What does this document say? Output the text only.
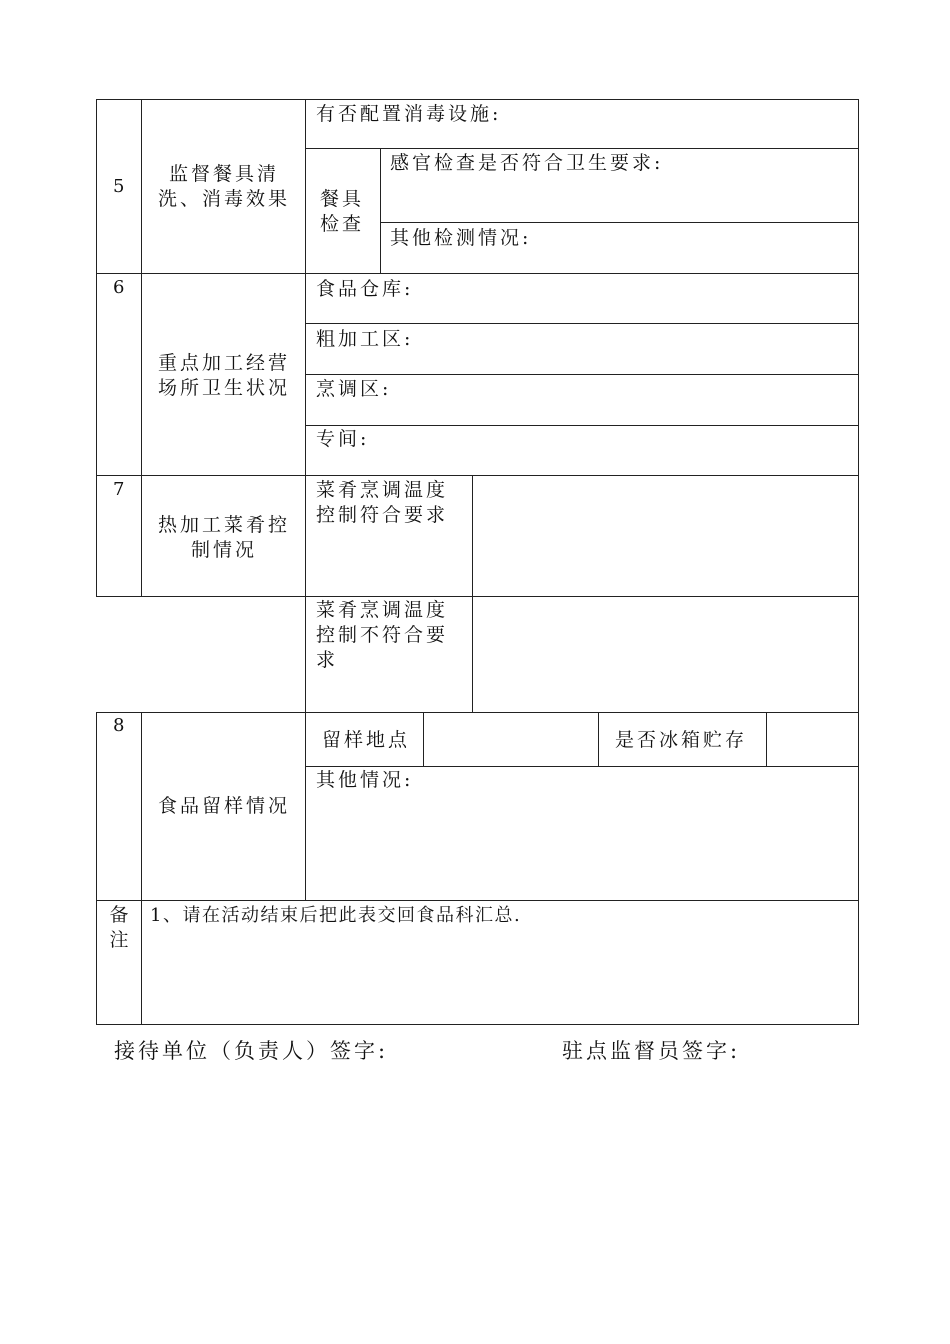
5
监督餐具清洗、消毒效果
有否配置消毒设施:
餐具检查
感官检查是否符合卫生要求:
其他检测情况:
6
重点加工经营场所卫生状况
食品仓库:
粗加工区:
烹调区:
专间:
7
热加工菜肴控制情况
菜肴烹调温度控制符合要求
菜肴烹调温度控制不符合要求
8
食品留样情况
留样地点	是否冰箱贮存
其他情况:
备注
1、请在活动结束后把此表交回食品科汇总.
接待单位（负责人）签字:	驻点监督员签字:
